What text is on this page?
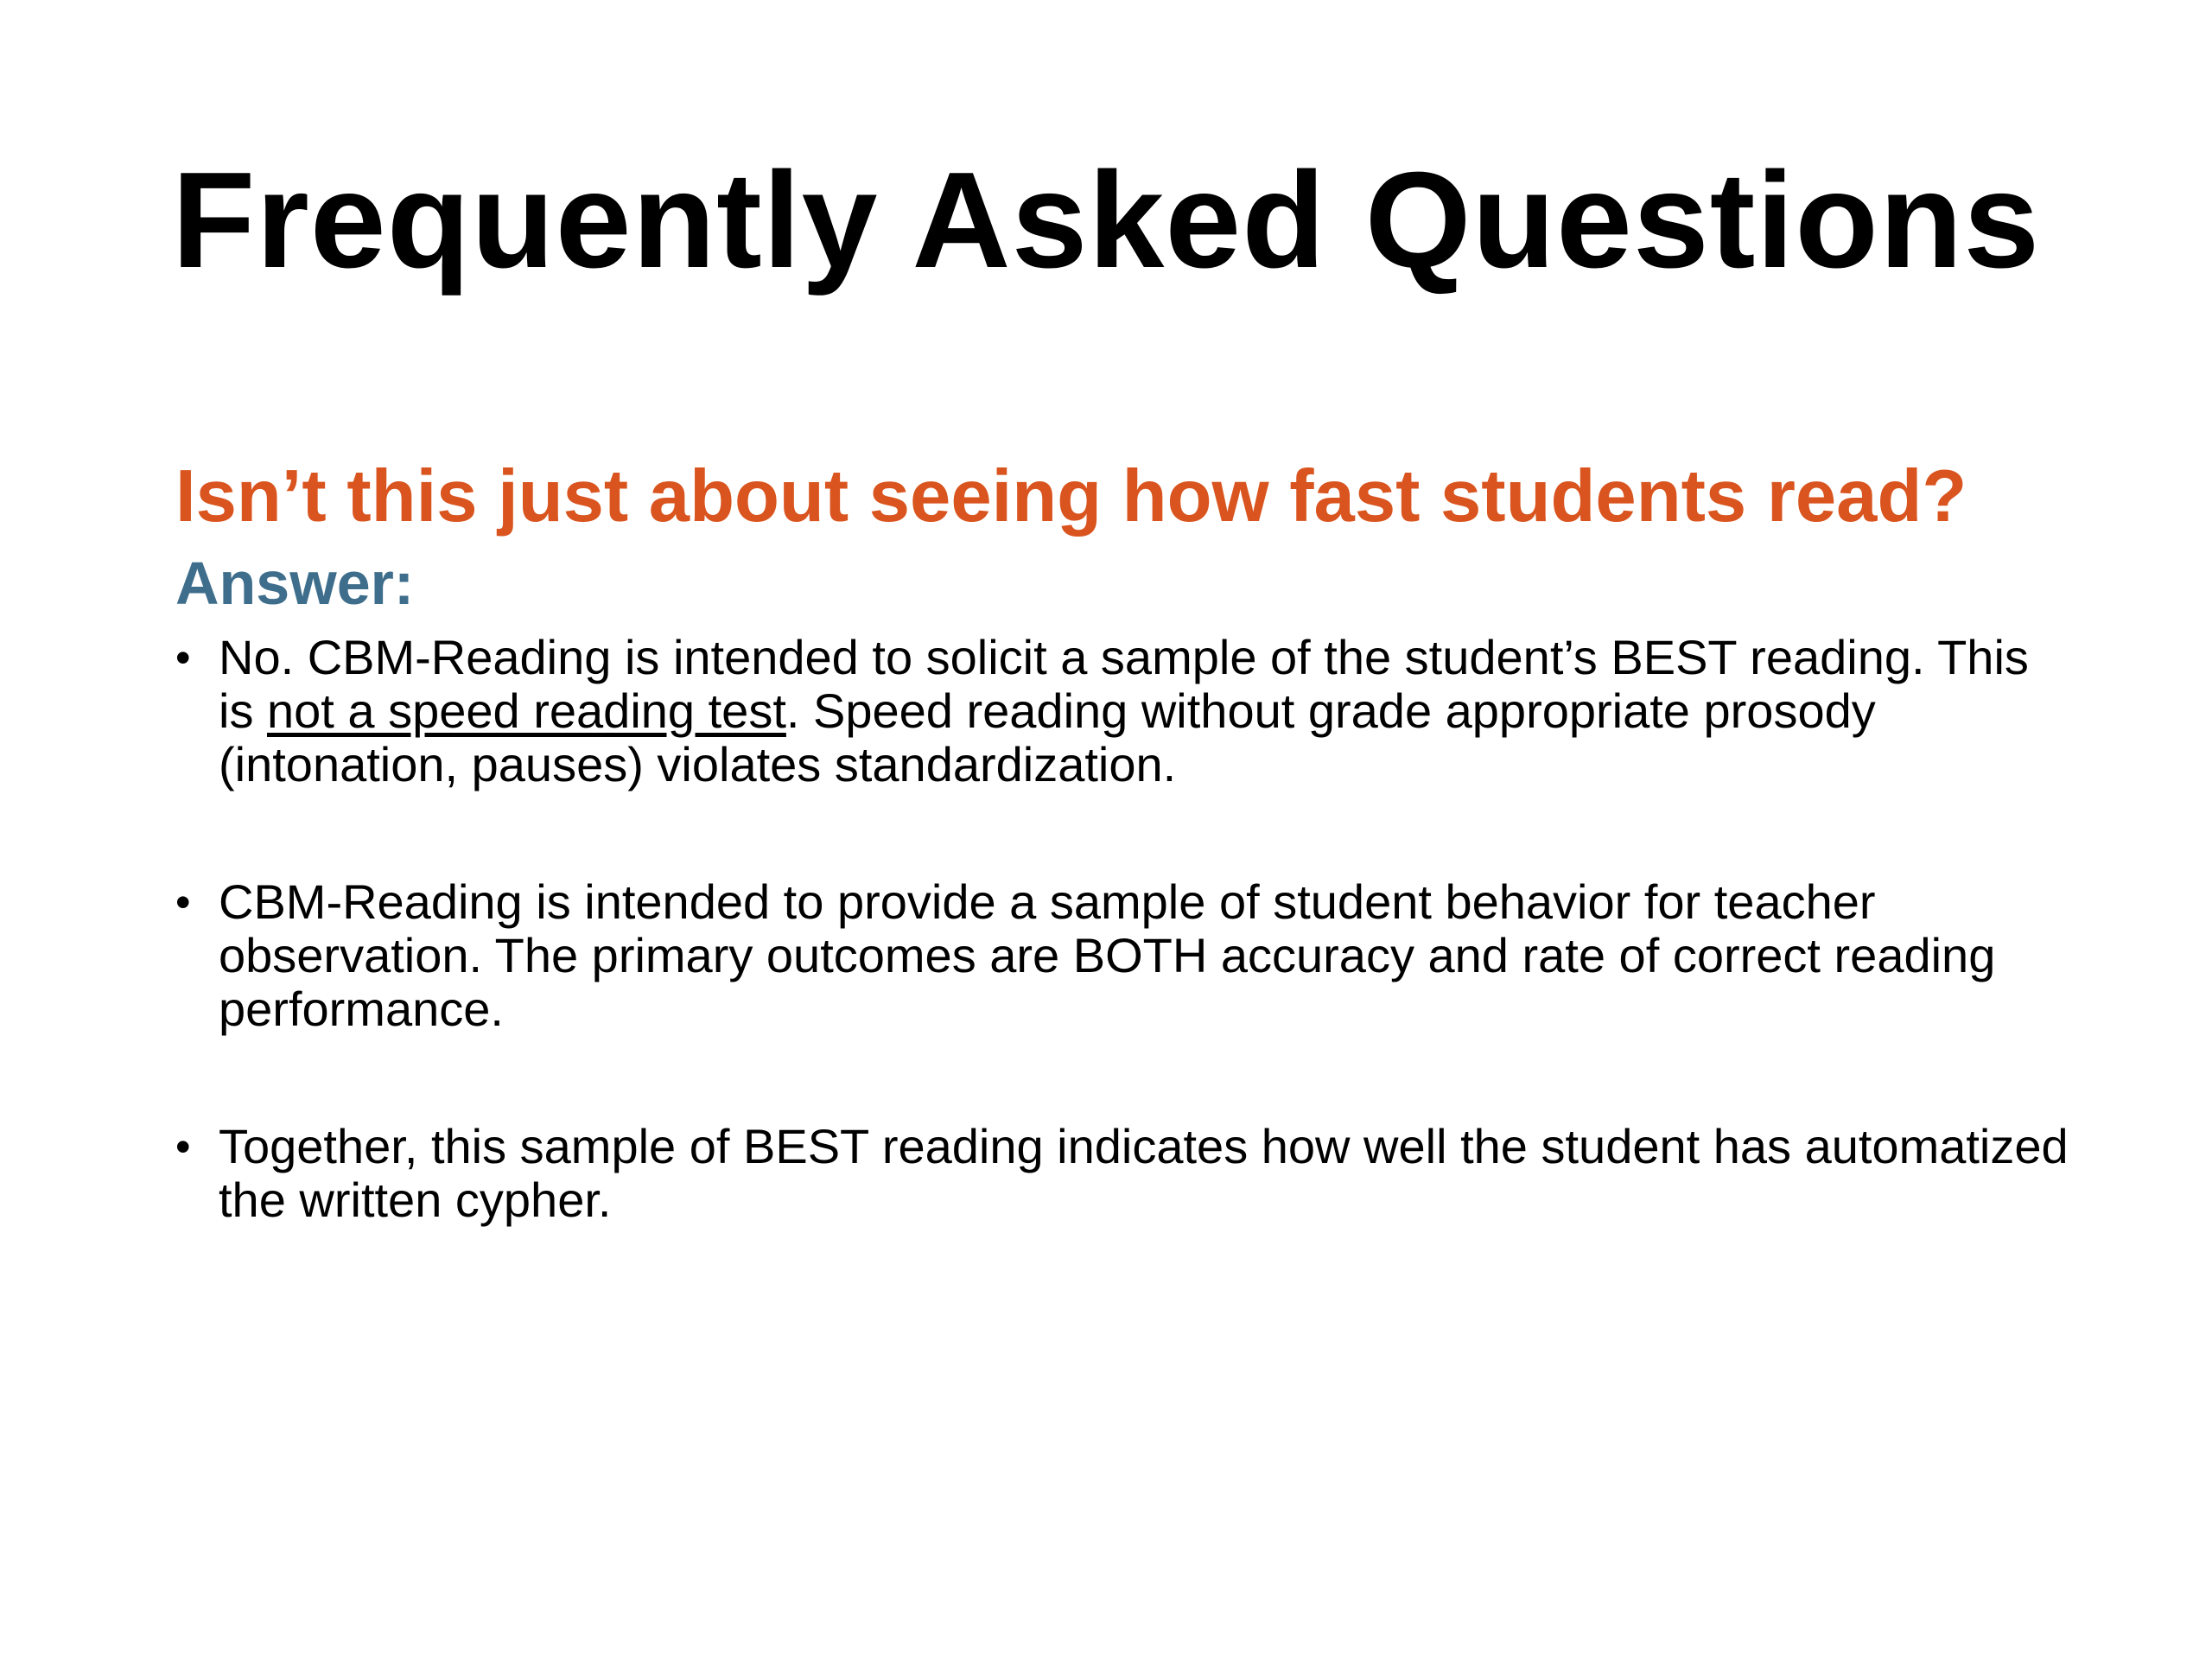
Frequently Asked Questions
Isn’t this just about seeing how fast students read?
Answer:
• No. CBM-Reading is intended to solicit a sample of the student’s BEST reading. This is not a speed reading test. Speed reading without grade appropriate prosody (intonation, pauses) violates standardization.
• CBM-Reading is intended to provide a sample of student behavior for teacher observation. The primary outcomes are BOTH accuracy and rate of correct reading performance.
• Together, this sample of BEST reading indicates how well the student has automatized the written cypher.
